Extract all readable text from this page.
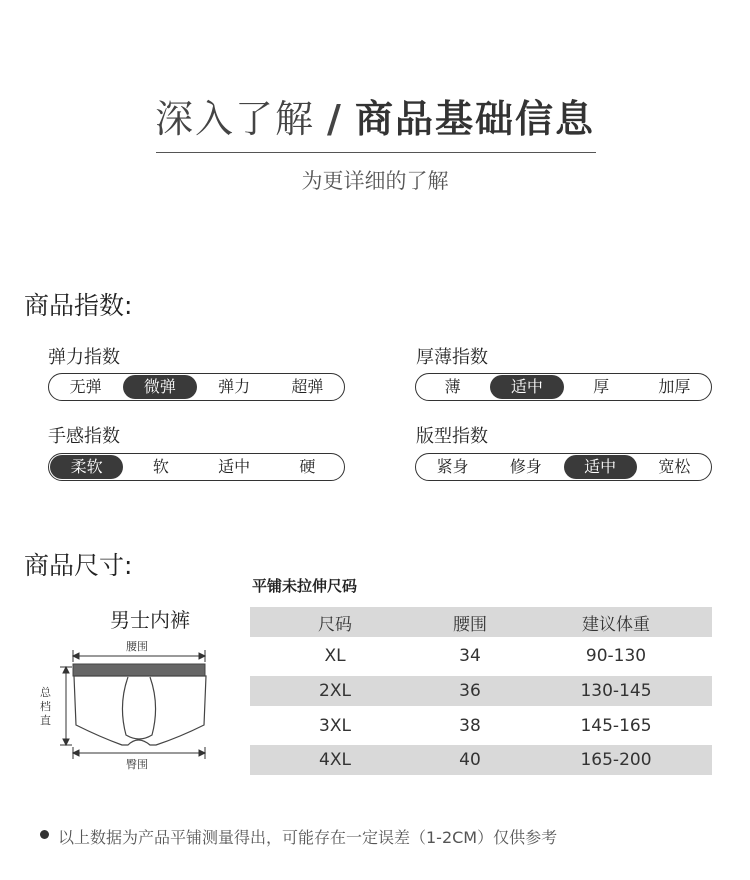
深入了解 / 商品基础信息
为更详细的了解
商品指数:
弹力指数
无弹	微弹	弹力	超弹
厚薄指数
薄	适中	厚	加厚
手感指数
柔软	软	适中	硬
版型指数
紧身	修身	适中	宽松
商品尺寸:
男士内裤
腰围
总档直
臀围
平铺未拉伸尺码
尺码	腰围	建议体重
XL	34	90-130
2XL	36	130-145
3XL	38	145-165
4XL	40	165-200
以上数据为产品平铺测量得出，可能存在一定误差（1-2CM）仅供参考
